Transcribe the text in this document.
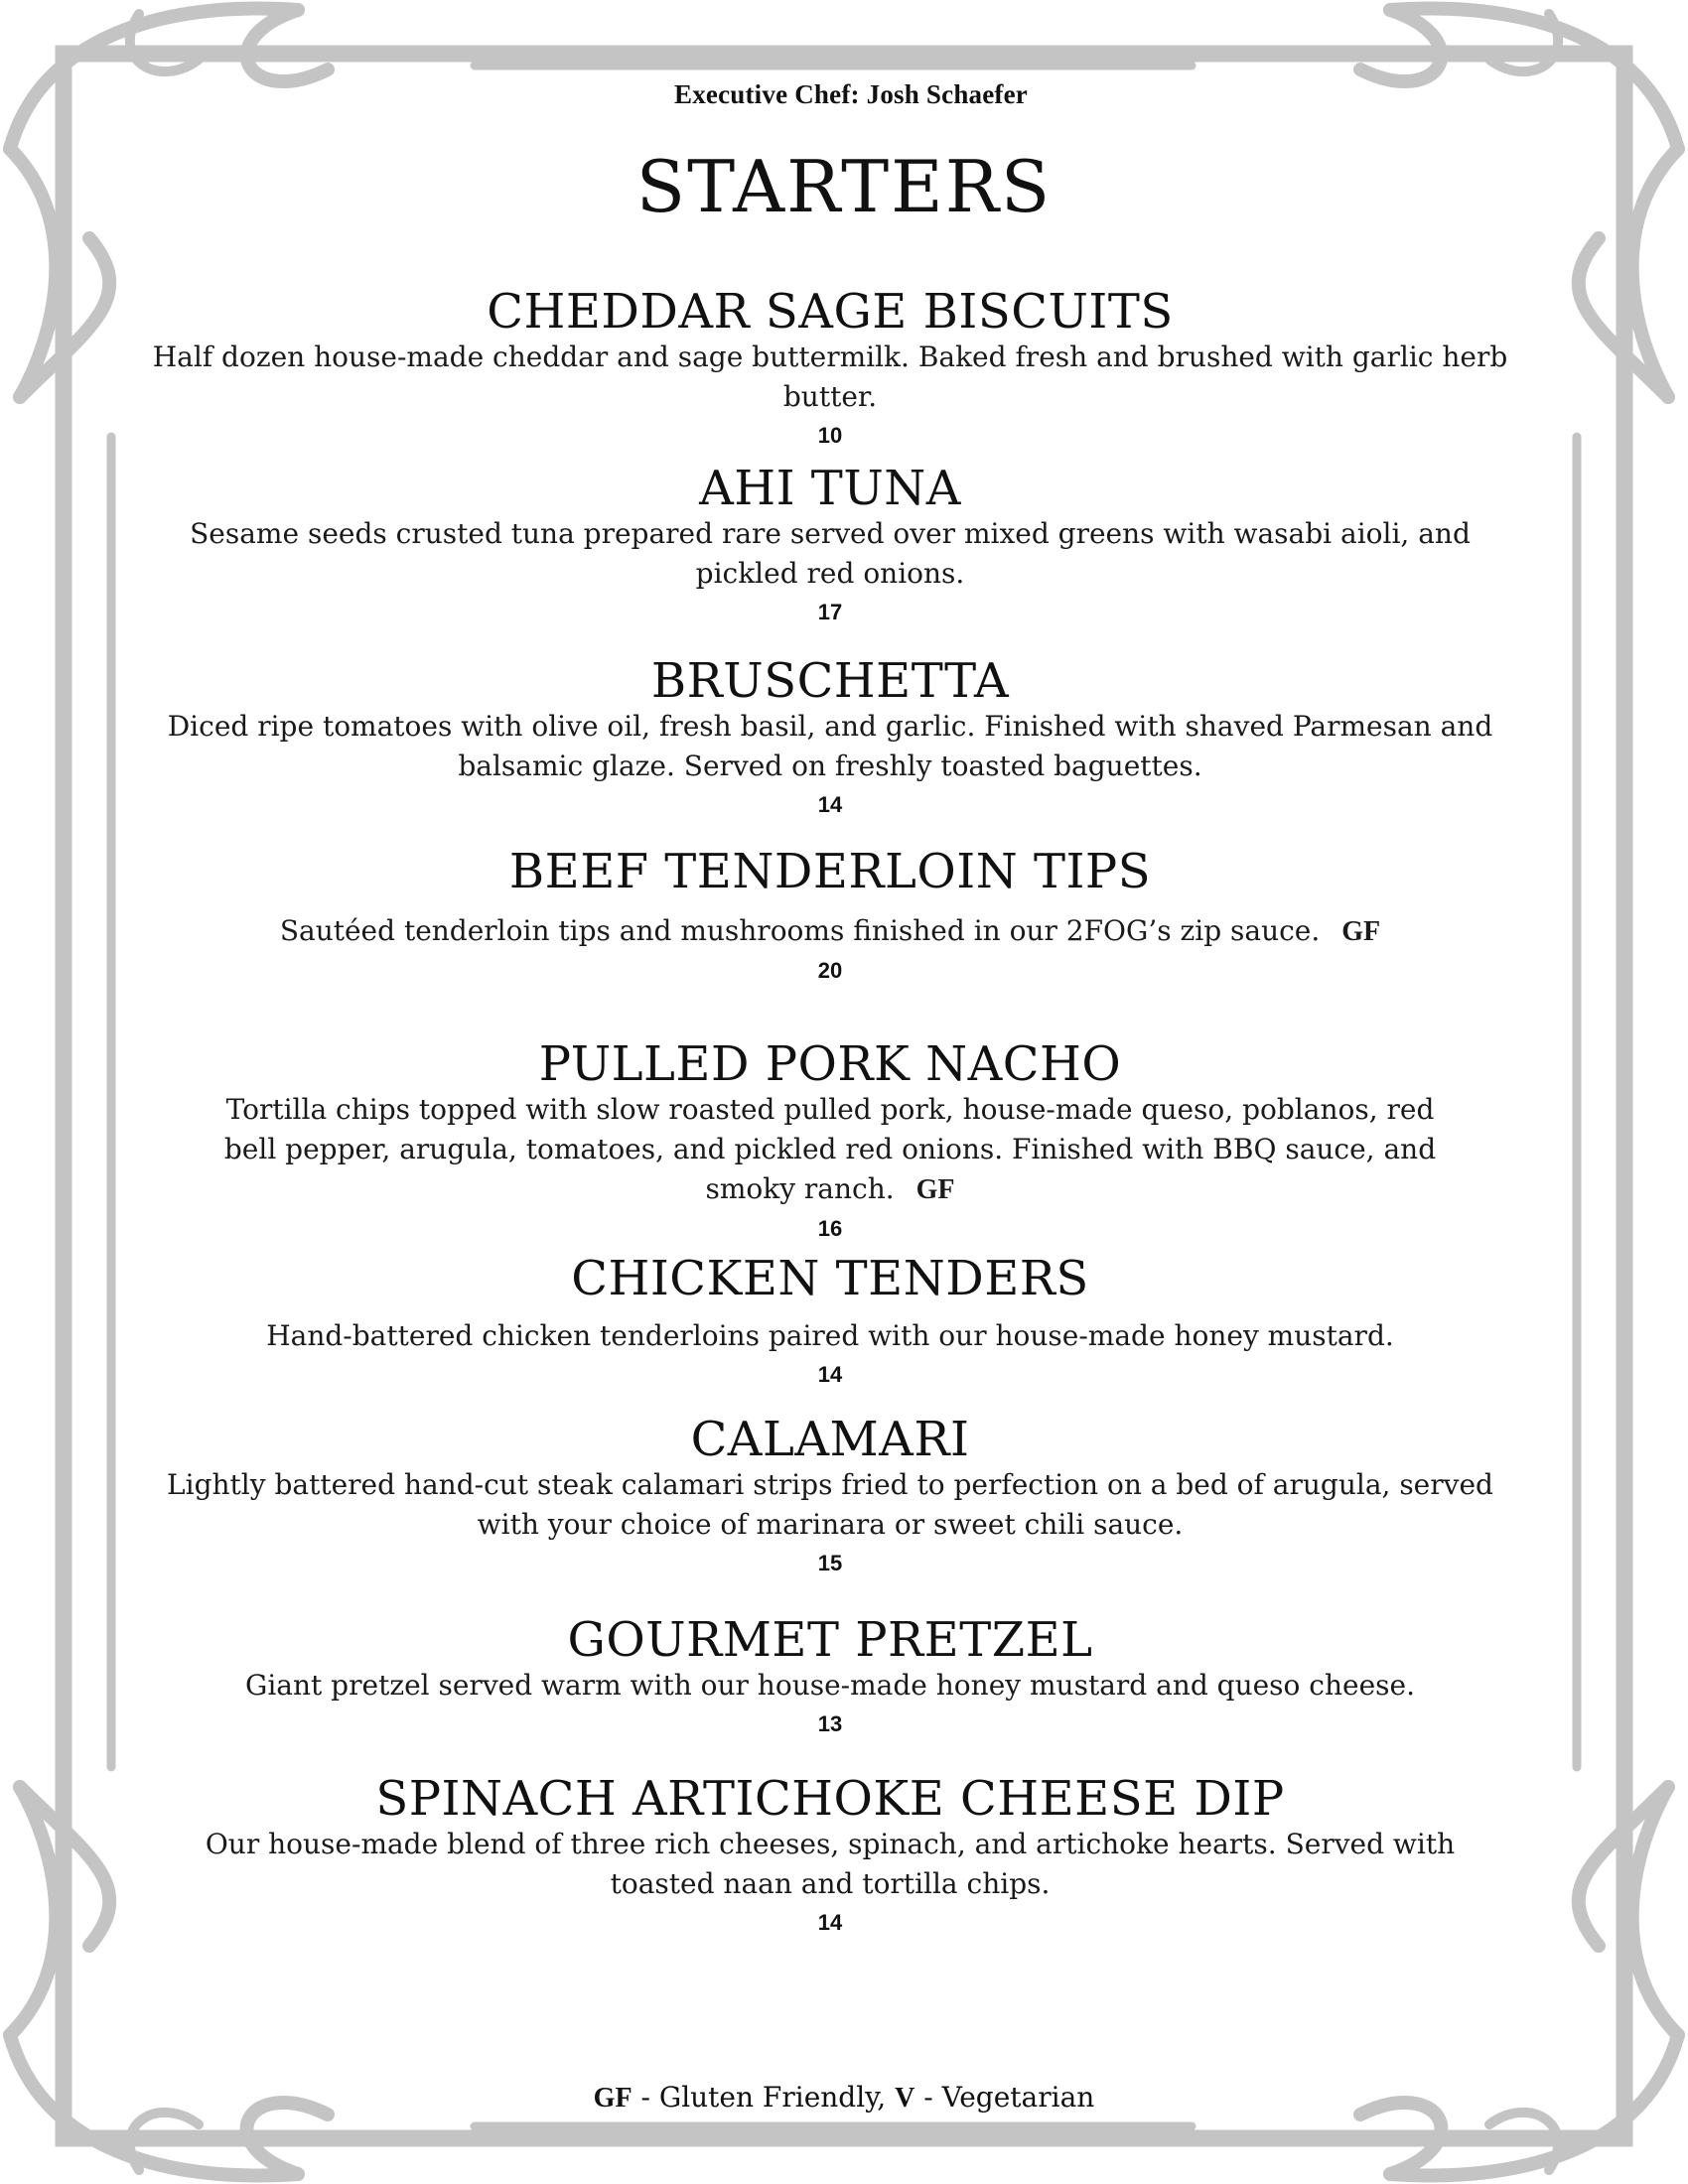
Executive Chef: Josh Schaefer
STARTERS
CHEDDAR SAGE BISCUITS
Half dozen house-made cheddar and sage buttermilk. Baked fresh and brushed with garlic herb butter.
10
AHI TUNA
Sesame seeds crusted tuna prepared rare served over mixed greens with wasabi aioli, and pickled red onions.
17
BRUSCHETTA
Diced ripe tomatoes with olive oil, fresh basil, and garlic. Finished with shaved Parmesan and balsamic glaze. Served on freshly toasted baguettes.
14
BEEF TENDERLOIN TIPS
Sautéed tenderloin tips and mushrooms finished in our 2FOG’s zip sauce. GF
20
PULLED PORK NACHO
Tortilla chips topped with slow roasted pulled pork, house-made queso, poblanos, red bell pepper, arugula, tomatoes, and pickled red onions. Finished with BBQ sauce, and smoky ranch. GF
16
CHICKEN TENDERS
Hand-battered chicken tenderloins paired with our house-made honey mustard.
14
CALAMARI
Lightly battered hand-cut steak calamari strips fried to perfection on a bed of arugula, served with your choice of marinara or sweet chili sauce.
15
GOURMET PRETZEL
Giant pretzel served warm with our house-made honey mustard and queso cheese.
13
SPINACH ARTICHOKE CHEESE DIP
Our house-made blend of three rich cheeses, spinach, and artichoke hearts. Served with toasted naan and tortilla chips.
14
GF - Gluten Friendly, V - Vegetarian
